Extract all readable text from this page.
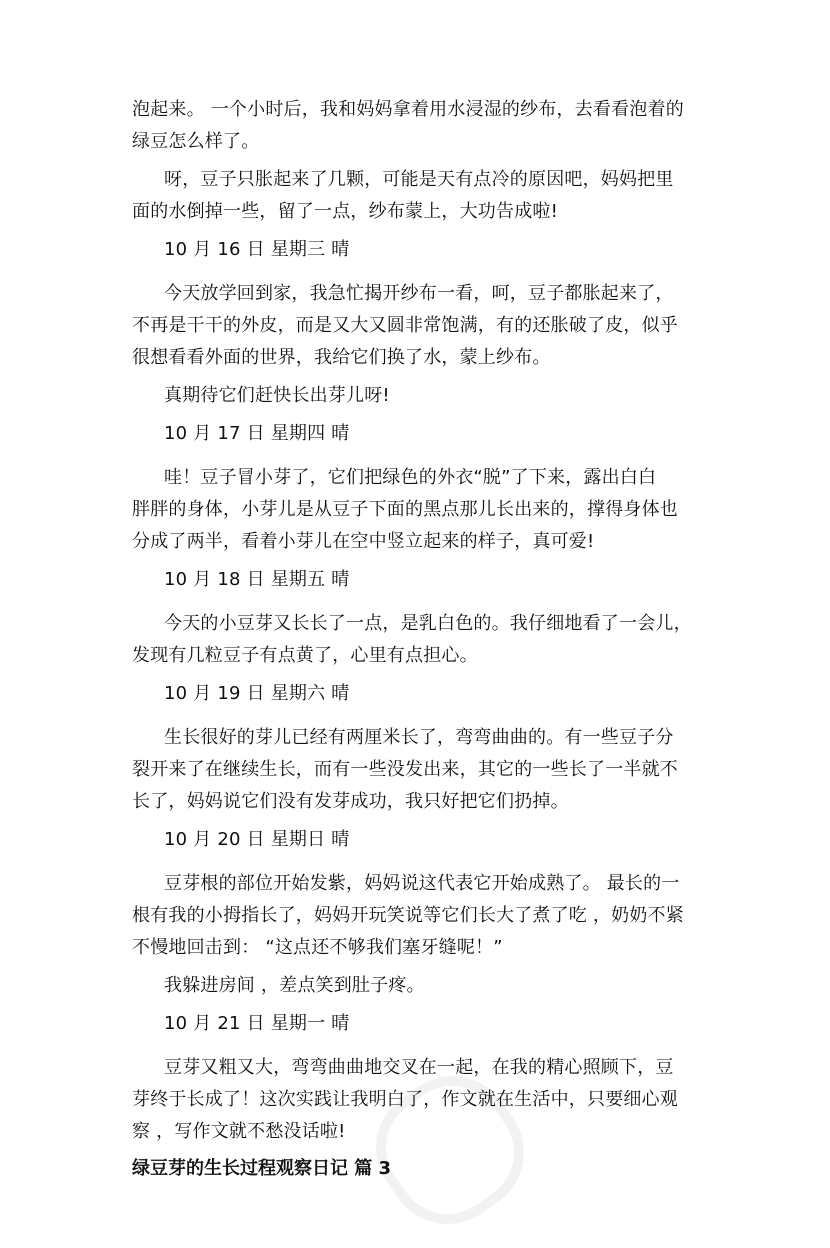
泡起来。 一个小时后，我和妈妈拿着用水浸湿的纱布，去看看泡着的
绿豆怎么样了。
呀，豆子只胀起来了几颗，可能是天有点冷的原因吧，妈妈把里
面的水倒掉一些，留了一点，纱布蒙上，大功告成啦!
10 月 16 日 星期三 晴
今天放学回到家，我急忙揭开纱布一看，呵，豆子都胀起来了，
不再是干干的外皮，而是又大又圆非常饱满，有的还胀破了皮，似乎
很想看看外面的世界，我给它们换了水，蒙上纱布。
真期待它们赶快长出芽儿呀!
10 月 17 日 星期四 晴
哇！豆子冒小芽了，它们把绿色的外衣“脱”了下来，露出白白
胖胖的身体，小芽儿是从豆子下面的黑点那儿长出来的，撑得身体也
分成了两半，看着小芽儿在空中竖立起来的样子，真可爱!
10 月 18 日 星期五 晴
今天的小豆芽又长长了一点，是乳白色的。我仔细地看了一会儿，
发现有几粒豆子有点黄了，心里有点担心。
10 月 19 日 星期六 晴
生长很好的芽儿已经有两厘米长了，弯弯曲曲的。有一些豆子分
裂开来了在继续生长，而有一些没发出来，其它的一些长了一半就不
长了，妈妈说它们没有发芽成功，我只好把它们扔掉。
10 月 20 日 星期日 晴
豆芽根的部位开始发紫，妈妈说这代表它开始成熟了。 最长的一
根有我的小拇指长了，妈妈开玩笑说等它们长大了煮了吃 ，奶奶不紧
不慢地回击到： “这点还不够我们塞牙缝呢！”
我躲进房间 ，差点笑到肚子疼。
10 月 21 日 星期一 晴
豆芽又粗又大，弯弯曲曲地交叉在一起，在我的精心照顾下，豆
芽终于长成了！这次实践让我明白了，作文就在生活中，只要细心观
察 ，写作文就不愁没话啦!
绿豆芽的生长过程观察日记 篇 3
